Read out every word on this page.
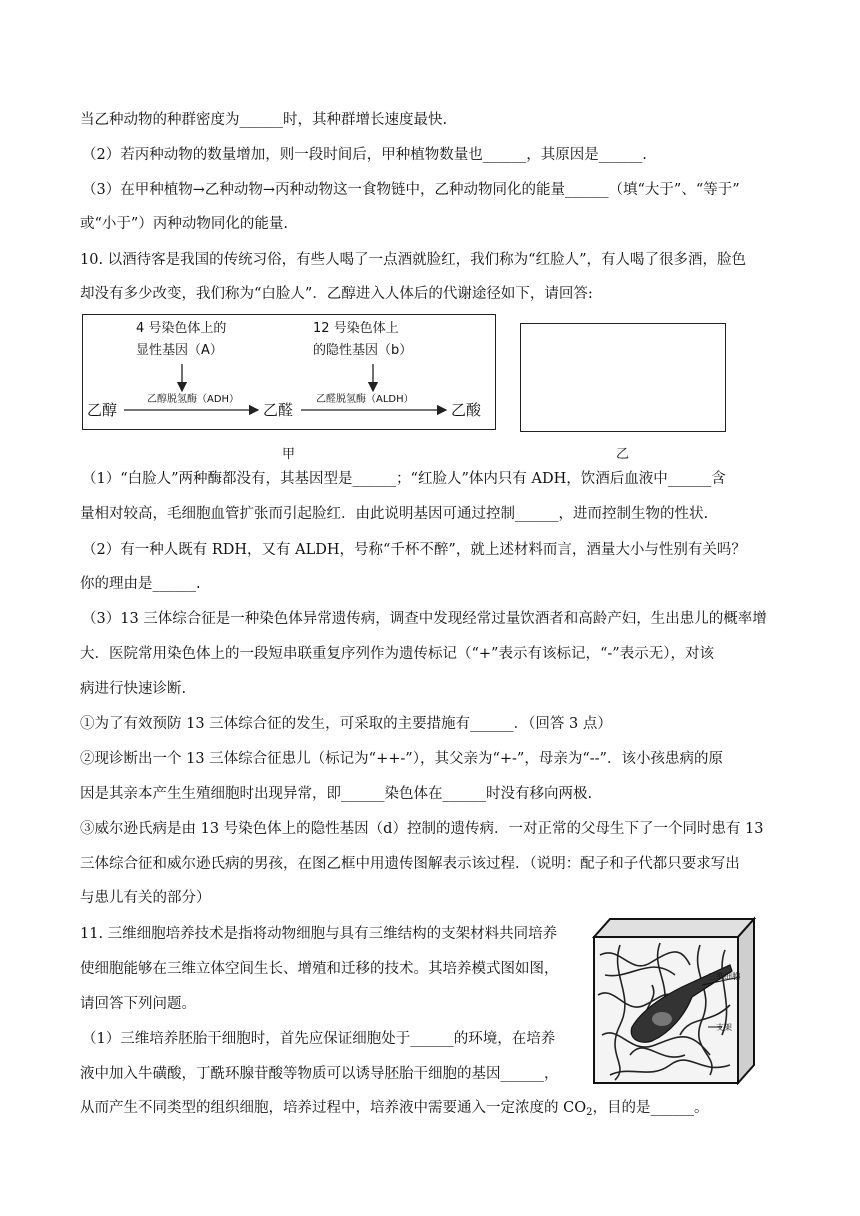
当乙种动物的种群密度为______时，其种群增长速度最快.
（2）若丙种动物的数量增加，则一段时间后，甲种植物数量也______，其原因是______.
（3）在甲种植物→乙种动物→丙种动物这一食物链中，乙种动物同化的能量______（填“大于”、“等于”
或“小于”）丙种动物同化的能量.
10. 以酒待客是我国的传统习俗，有些人喝了一点酒就脸红，我们称为“红脸人”，有人喝了很多酒，脸色
却没有多少改变，我们称为“白脸人”．乙醇进入人体后的代谢途径如下，请回答:
4 号染色体上的
显性基因（A）
12 号染色体上
的隐性基因（b）
乙醇
乙醇脱氢酶（ADH）
乙醛
乙醛脱氢酶（ALDH）
乙酸
甲	乙
（1）“白脸人”两种酶都没有，其基因型是______；“红脸人”体内只有 ADH，饮酒后血液中______含
量相对较高，毛细胞血管扩张而引起脸红．由此说明基因可通过控制______，进而控制生物的性状.
（2）有一种人既有 RDH，又有 ALDH，号称“千杯不醉”，就上述材料而言，酒量大小与性别有关吗？
你的理由是______.
（3）13 三体综合征是一种染色体异常遗传病，调查中发现经常过量饮酒者和高龄产妇，生出患儿的概率增
大．医院常用染色体上的一段短串联重复序列作为遗传标记（“+”表示有该标记，“-”表示无），对该
病进行快速诊断.
①为了有效预防 13 三体综合征的发生，可采取的主要措施有______．（回答 3 点）
②现诊断出一个 13 三体综合征患儿（标记为“++-”），其父亲为“+-”，母亲为“--”．该小孩患病的原
因是其亲本产生生殖细胞时出现异常，即______染色体在______时没有移向两极.
③威尔逊氏病是由 13 号染色体上的隐性基因（d）控制的遗传病．一对正常的父母生下了一个同时患有 13
三体综合征和威尔逊氏病的男孩，在图乙框中用遗传图解表示该过程．（说明：配子和子代都只要求写出
与患儿有关的部分）
11. 三维细胞培养技术是指将动物细胞与具有三维结构的支架材料共同培养
使细胞能够在三维立体空间生长、增殖和迁移的技术。其培养模式图如图，
请回答下列问题。
（1）三维培养胚胎干细胞时，首先应保证细胞处于______的环境，在培养
液中加入牛磺酸，丁酰环腺苷酸等物质可以诱导胚胎干细胞的基因______，
从而产生不同类型的组织细胞，培养过程中，培养液中需要通入一定浓度的 $CO_2$，目的是______。
三维细胞
支架
